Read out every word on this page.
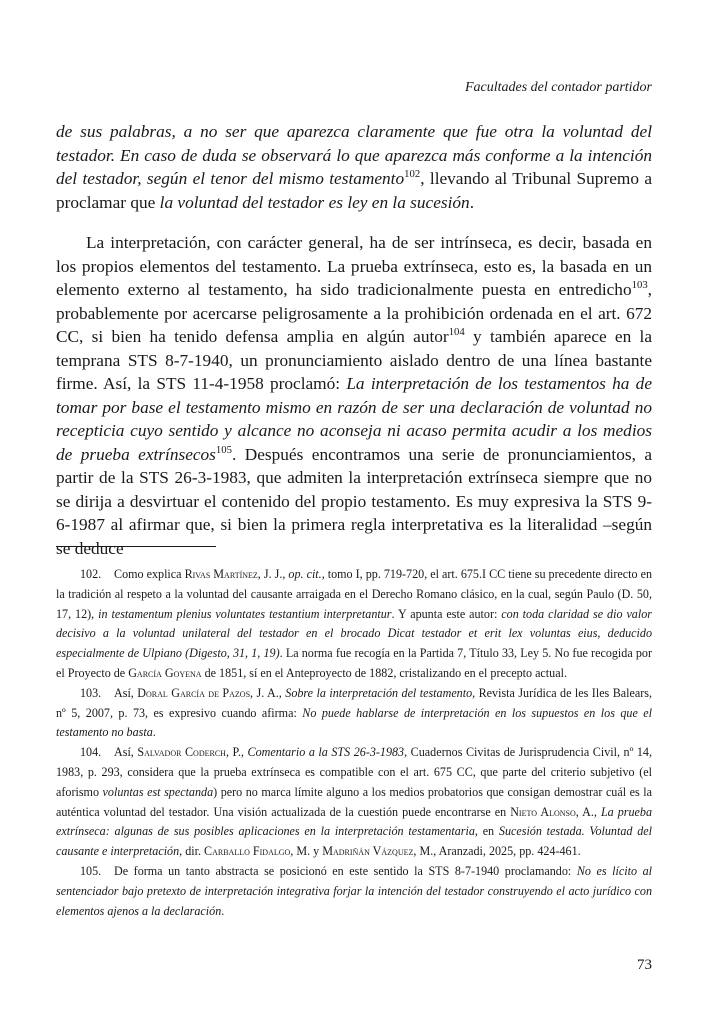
Facultades del contador partidor

de sus palabras, a no ser que aparezca claramente que fue otra la voluntad del testador. En caso de duda se observará lo que aparezca más conforme a la intención del testador, según el tenor del mismo testamento$^{102}$, llevando al Tribunal Supremo a proclamar que la voluntad del testador es ley en la sucesión.

La interpretación, con carácter general, ha de ser intrínseca, es decir, basada en los propios elementos del testamento. La prueba extrínseca, esto es, la basada en un elemento externo al testamento, ha sido tradicionalmente puesta en entredicho$^{103}$, probablemente por acercarse peligrosamente a la prohibición ordenada en el art. 672 CC, si bien ha tenido defensa amplia en algún autor$^{104}$ y también aparece en la temprana STS 8-7-1940, un pronunciamiento aislado dentro de una línea bastante firme. Así, la STS 11-4-1958 proclamó: La interpretación de los testamentos ha de tomar por base el testamento mismo en razón de ser una declaración de voluntad no recepticia cuyo sentido y alcance no aconseja ni acaso permita acudir a los medios de prueba extrínsecos$^{105}$. Después encontramos una serie de pronunciamientos, a partir de la STS 26-3-1983, que admiten la interpretación extrínseca siempre que no se dirija a desvirtuar el contenido del propio testamento. Es muy expresiva la STS 9-6-1987 al afirmar que, si bien la primera regla interpretativa es la literalidad –según se deduce

102. Como explica Rivas Martínez, J. J., op. cit., tomo I, pp. 719-720, el art. 675.I CC tiene su precedente directo en la tradición al respeto a la voluntad del causante arraigada en el Derecho Romano clásico, en la cual, según Paulo (D. 50, 17, 12), in testamentum plenius voluntates testantium interpretantur. Y apunta este autor: con toda claridad se dio valor decisivo a la voluntad unilateral del testador en el brocado Dicat testador et erit lex voluntas eius, deducido especialmente de Ulpiano (Digesto, 31, 1, 19). La norma fue recogía en la Partida 7, Título 33, Ley 5. No fue recogida por el Proyecto de García Goyena de 1851, sí en el Anteproyecto de 1882, cristalizando en el precepto actual.

103. Así, Doral García de Pazos, J. A., Sobre la interpretación del testamento, Revista Jurídica de les Iles Balears, nº 5, 2007, p. 73, es expresivo cuando afirma: No puede hablarse de interpretación en los supuestos en los que el testamento no basta.

104. Así, Salvador Coderch, P., Comentario a la STS 26-3-1983, Cuadernos Civitas de Jurisprudencia Civil, nº 14, 1983, p. 293, considera que la prueba extrínseca es compatible con el art. 675 CC, que parte del criterio subjetivo (el aforismo voluntas est spectanda) pero no marca límite alguno a los medios probatorios que consigan demostrar cuál es la auténtica voluntad del testador. Una visión actualizada de la cuestión puede encontrarse en Nieto Alonso, A., La prueba extrínseca: algunas de sus posibles aplicaciones en la interpretación testamentaria, en Sucesión testada. Voluntad del causante e interpretación, dir. Carballo Fidalgo, M. y Madriñán Vázquez, M., Aranzadi, 2025, pp. 424-461.

105. De forma un tanto abstracta se posicionó en este sentido la STS 8-7-1940 proclamando: No es lícito al sentenciador bajo pretexto de interpretación integrativa forjar la intención del testador construyendo el acto jurídico con elementos ajenos a la declaración.

73
